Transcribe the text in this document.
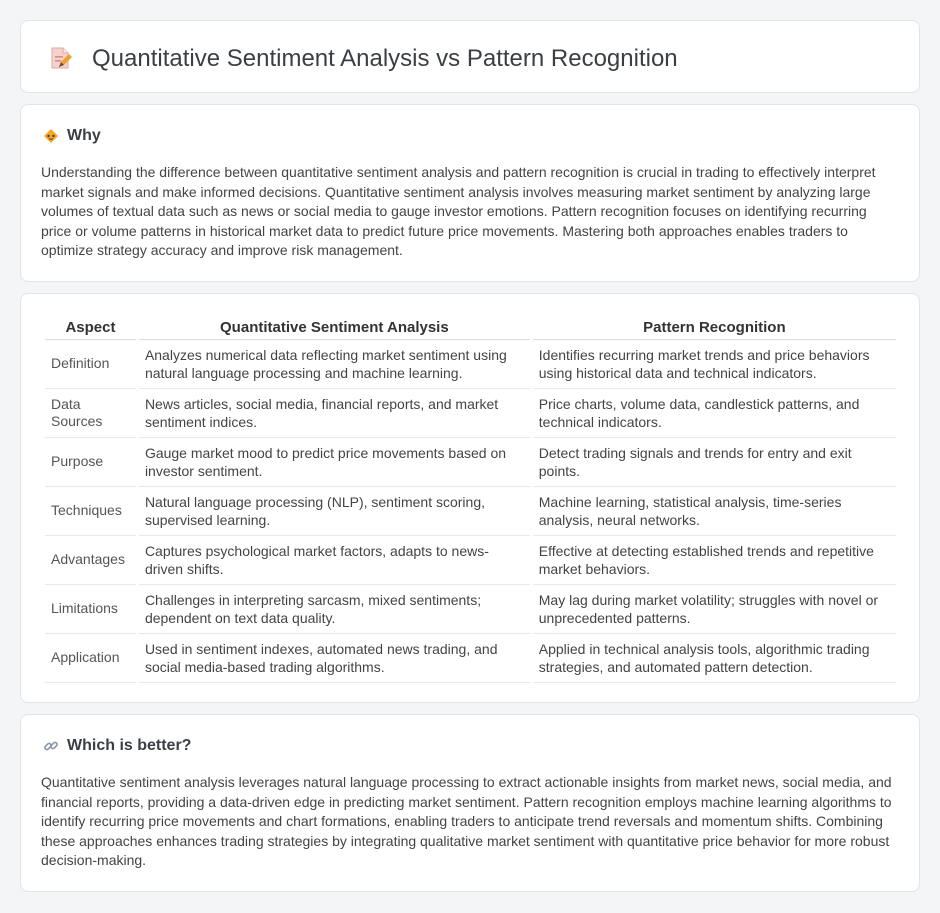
Quantitative Sentiment Analysis vs Pattern Recognition
Why

Understanding the difference between quantitative sentiment analysis and pattern recognition is crucial in trading to effectively interpret market signals and make informed decisions. Quantitative sentiment analysis involves measuring market sentiment by analyzing large volumes of textual data such as news or social media to gauge investor emotions. Pattern recognition focuses on identifying recurring price or volume patterns in historical market data to predict future price movements. Mastering both approaches enables traders to optimize strategy accuracy and improve risk management.

Aspect	Quantitative Sentiment Analysis	Pattern Recognition
Definition	Analyzes numerical data reflecting market sentiment using natural language processing and machine learning.	Identifies recurring market trends and price behaviors using historical data and technical indicators.
Data Sources	News articles, social media, financial reports, and market sentiment indices.	Price charts, volume data, candlestick patterns, and technical indicators.
Purpose	Gauge market mood to predict price movements based on investor sentiment.	Detect trading signals and trends for entry and exit points.
Techniques	Natural language processing (NLP), sentiment scoring, supervised learning.	Machine learning, statistical analysis, time-series analysis, neural networks.
Advantages	Captures psychological market factors, adapts to news-driven shifts.	Effective at detecting established trends and repetitive market behaviors.
Limitations	Challenges in interpreting sarcasm, mixed sentiments; dependent on text data quality.	May lag during market volatility; struggles with novel or unprecedented patterns.
Application	Used in sentiment indexes, automated news trading, and social media-based trading algorithms.	Applied in technical analysis tools, algorithmic trading strategies, and automated pattern detection.
Which is better?

Quantitative sentiment analysis leverages natural language processing to extract actionable insights from market news, social media, and financial reports, providing a data-driven edge in predicting market sentiment. Pattern recognition employs machine learning algorithms to identify recurring price movements and chart formations, enabling traders to anticipate trend reversals and momentum shifts. Combining these approaches enhances trading strategies by integrating qualitative market sentiment with quantitative price behavior for more robust decision-making.
